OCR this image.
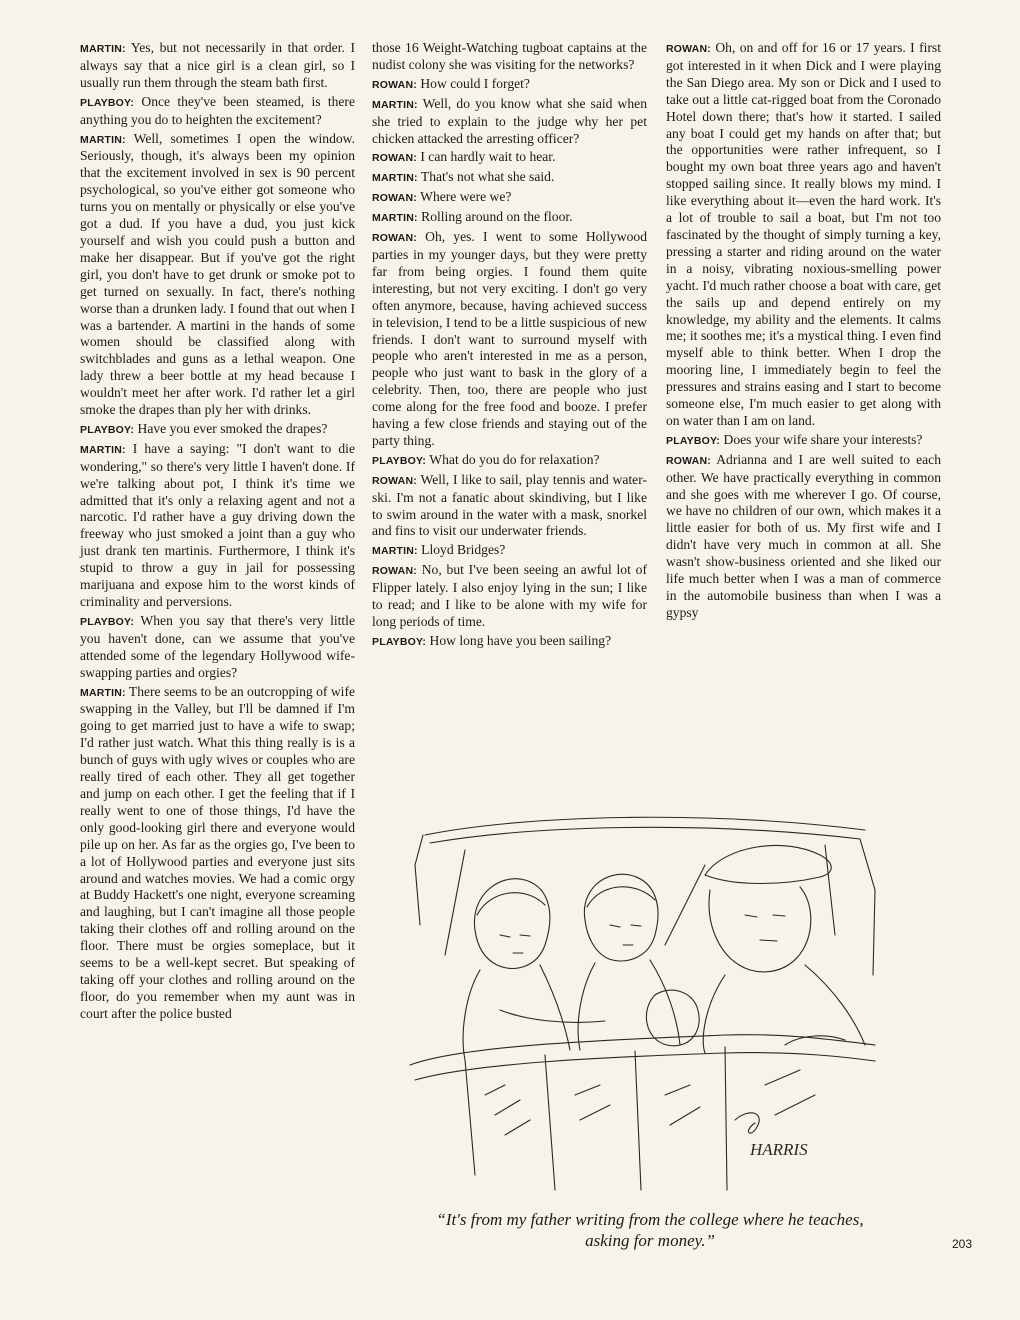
MARTIN: Yes, but not necessarily in that order. I always say that a nice girl is a clean girl, so I usually run them through the steam bath first.

PLAYBOY: Once they've been steamed, is there anything you do to heighten the excitement?

MARTIN: Well, sometimes I open the window. Seriously, though, it's always been my opinion that the excitement involved in sex is 90 percent psychological, so you've either got someone who turns you on mentally or physically or else you've got a dud. If you have a dud, you just kick yourself and wish you could push a button and make her disappear. But if you've got the right girl, you don't have to get drunk or smoke pot to get turned on sexually. In fact, there's nothing worse than a drunken lady. I found that out when I was a bartender. A martini in the hands of some women should be classified along with switchblades and guns as a lethal weapon. One lady threw a beer bottle at my head because I wouldn't meet her after work. I'd rather let a girl smoke the drapes than ply her with drinks.

PLAYBOY: Have you ever smoked the drapes?

MARTIN: I have a saying: "I don't want to die wondering," so there's very little I haven't done. If we're talking about pot, I think it's time we admitted that it's only a relaxing agent and not a narcotic. I'd rather have a guy driving down the freeway who just smoked a joint than a guy who just drank ten martinis. Furthermore, I think it's stupid to throw a guy in jail for possessing marijuana and expose him to the worst kinds of criminality and perversions.

PLAYBOY: When you say that there's very little you haven't done, can we assume that you've attended some of the legendary Hollywood wife-swapping parties and orgies?

MARTIN: There seems to be an outcropping of wife swapping in the Valley, but I'll be damned if I'm going to get married just to have a wife to swap; I'd rather just watch. What this thing really is is a bunch of guys with ugly wives or couples who are really tired of each other. They all get together and jump on each other. I get the feeling that if I really went to one of those things, I'd have the only good-looking girl there and everyone would pile up on her. As far as the orgies go, I've been to a lot of Hollywood parties and everyone just sits around and watches movies. We had a comic orgy at Buddy Hackett's one night, everyone screaming and laughing, but I can't imagine all those people taking their clothes off and rolling around on the floor. There must be orgies someplace, but it seems to be a well-kept secret. But speaking of taking off your clothes and rolling around on the floor, do you remember when my aunt was in court after the police busted

those 16 Weight-Watching tugboat captains at the nudist colony she was visiting for the networks?

ROWAN: How could I forget?

MARTIN: Well, do you know what she said when she tried to explain to the judge why her pet chicken attacked the arresting officer?

ROWAN: I can hardly wait to hear.

MARTIN: That's not what she said.

ROWAN: Where were we?

MARTIN: Rolling around on the floor.

ROWAN: Oh, yes. I went to some Hollywood parties in my younger days, but they were pretty far from being orgies. I found them quite interesting, but not very exciting. I don't go very often anymore, because, having achieved success in television, I tend to be a little suspicious of new friends. I don't want to surround myself with people who aren't interested in me as a person, people who just want to bask in the glory of a celebrity. Then, too, there are people who just come along for the free food and booze. I prefer having a few close friends and staying out of the party thing.

PLAYBOY: What do you do for relaxation?

ROWAN: Well, I like to sail, play tennis and water-ski. I'm not a fanatic about skindiving, but I like to swim around in the water with a mask, snorkel and fins to visit our underwater friends.

MARTIN: Lloyd Bridges?

ROWAN: No, but I've been seeing an awful lot of Flipper lately. I also enjoy lying in the sun; I like to read; and I like to be alone with my wife for long periods of time.

PLAYBOY: How long have you been sailing?

ROWAN: Oh, on and off for 16 or 17 years. I first got interested in it when Dick and I were playing the San Diego area. My son or Dick and I used to take out a little cat-rigged boat from the Coronado Hotel down there; that's how it started. I sailed any boat I could get my hands on after that; but the opportunities were rather infrequent, so I bought my own boat three years ago and haven't stopped sailing since. It really blows my mind. I like everything about it—even the hard work. It's a lot of trouble to sail a boat, but I'm not too fascinated by the thought of simply turning a key, pressing a starter and riding around on the water in a noisy, vibrating noxious-smelling power yacht. I'd much rather choose a boat with care, get the sails up and depend entirely on my knowledge, my ability and the elements. It calms me; it soothes me; it's a mystical thing. I even find myself able to think better. When I drop the mooring line, I immediately begin to feel the pressures and strains easing and I start to become someone else, I'm much easier to get along with on water than I am on land.

PLAYBOY: Does your wife share your interests?

ROWAN: Adrianna and I are well suited to each other. We have practically everything in common and she goes with me wherever I go. Of course, we have no children of our own, which makes it a little easier for both of us. My first wife and I didn't have very much in common at all. She wasn't show-business oriented and she liked our life much better when I was a man of commerce in the automobile business than when I was a gypsy

HARRIS
“It's from my father writing from the college where he teaches, asking for money.”	203
